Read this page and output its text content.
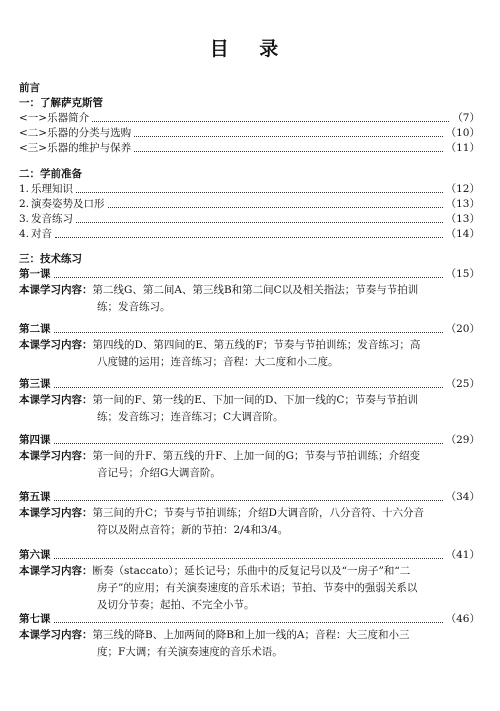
目 录
前言
一：了解萨克斯管
<一>乐器简介	（7）
<二>乐器的分类与选购	（10）
<三>乐器的维护与保养	（11）
二：学前准备
1. 乐理知识	（12）
2. 演奏姿势及口形	（13）
3. 发音练习	（13）
4. 对音	（14）
三：技术练习
第一课	（15）
本课学习内容：第二线G、第二间A、第三线B和第二间C以及相关指法；节奏与节拍训
练；发音练习。
第二课	（20）
本课学习内容：第四线的D、第四间的E、第五线的F；节奏与节拍训练；发音练习；高
八度键的运用；连音练习；音程：大二度和小二度。
第三课	（25）
本课学习内容：第一间的F、第一线的E、下加一间的D、下加一线的C；节奏与节拍训
练；发音练习；连音练习；C大调音阶。
第四课	（29）
本课学习内容：第一间的升F、第五线的升F、上加一间的G；节奏与节拍训练；介绍变
音记号；介绍G大调音阶。
第五课	（34）
本课学习内容：第三间的升C；节奏与节拍训练；介绍D大调音阶，八分音符、十六分音
符以及附点音符；新的节拍：2/4和3/4。
第六课	（41）
本课学习内容：断奏（staccato）；延长记号；乐曲中的反复记号以及“一房子”和“二
房子”的应用；有关演奏速度的音乐术语；节拍、节奏中的强弱关系以
及切分节奏；起拍、不完全小节。
第七课	（46）
本课学习内容：第三线的降B、上加两间的降B和上加一线的A；音程：大三度和小三
度；F大调；有关演奏速度的音乐术语。
